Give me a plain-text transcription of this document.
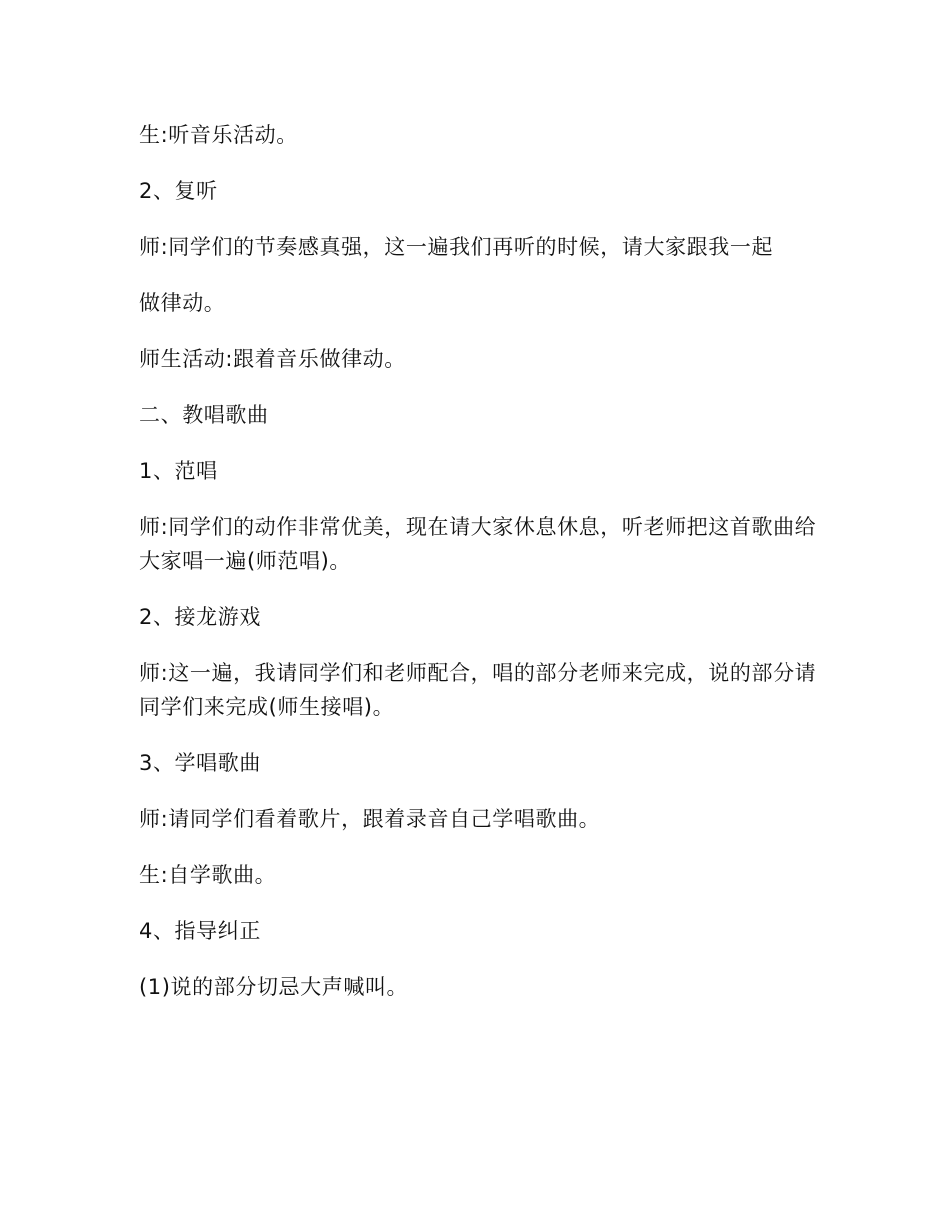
生:听音乐活动。

2、复听

师:同学们的节奏感真强，这一遍我们再听的时候，请大家跟我一起

做律动。

师生活动:跟着音乐做律动。

二、教唱歌曲

1、范唱

师:同学们的动作非常优美，现在请大家休息休息，听老师把这首歌曲给大家唱一遍(师范唱)。

2、接龙游戏

师:这一遍，我请同学们和老师配合，唱的部分老师来完成，说的部分请同学们来完成(师生接唱)。

3、学唱歌曲

师:请同学们看着歌片，跟着录音自己学唱歌曲。

生:自学歌曲。

4、指导纠正

(1)说的部分切忌大声喊叫。
